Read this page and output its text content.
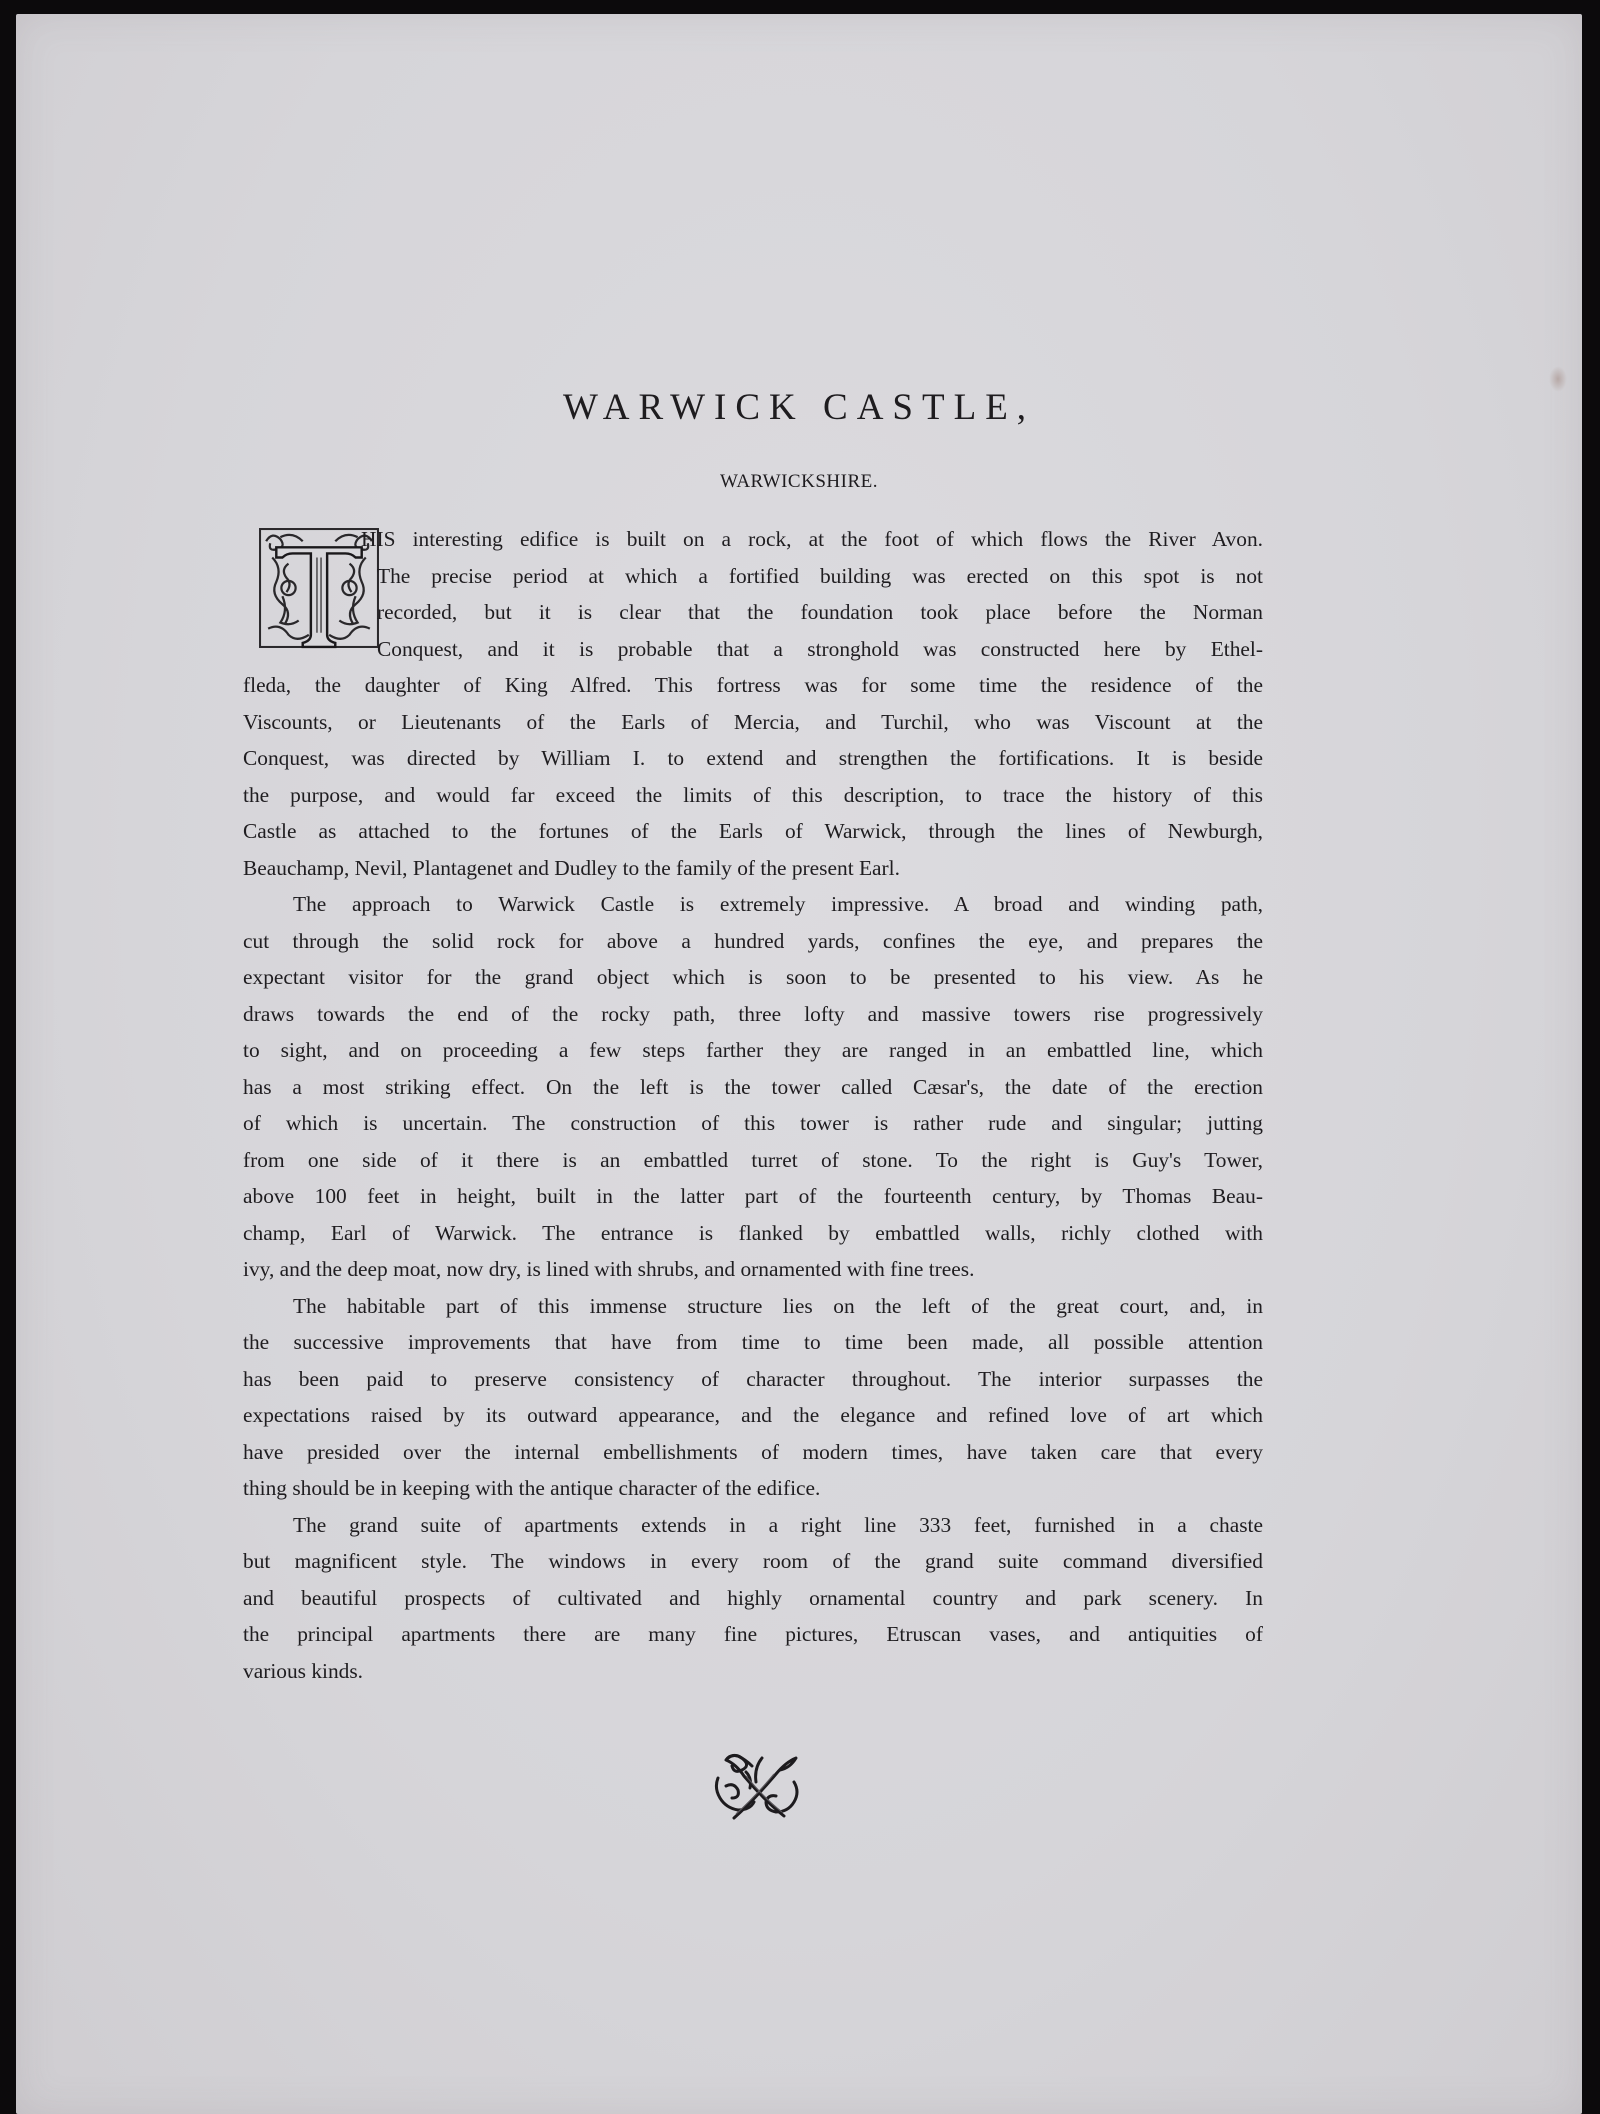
WARWICK CASTLE,
WARWICKSHIRE.
HIS interesting edifice is built on a rock, at the foot of which flows the River Avon.
The precise period at which a fortified building was erected on this spot is not
recorded, but it is clear that the foundation took place before the Norman
Conquest, and it is probable that a stronghold was constructed here by Ethel-
fleda, the daughter of King Alfred. This fortress was for some time the residence of the
Viscounts, or Lieutenants of the Earls of Mercia, and Turchil, who was Viscount at the
Conquest, was directed by William I. to extend and strengthen the fortifications. It is beside
the purpose, and would far exceed the limits of this description, to trace the history of this
Castle as attached to the fortunes of the Earls of Warwick, through the lines of Newburgh,
Beauchamp, Nevil, Plantagenet and Dudley to the family of the present Earl.
The approach to Warwick Castle is extremely impressive. A broad and winding path,
cut through the solid rock for above a hundred yards, confines the eye, and prepares the
expectant visitor for the grand object which is soon to be presented to his view. As he
draws towards the end of the rocky path, three lofty and massive towers rise progressively
to sight, and on proceeding a few steps farther they are ranged in an embattled line, which
has a most striking effect. On the left is the tower called Cæsar's, the date of the erection
of which is uncertain. The construction of this tower is rather rude and singular; jutting
from one side of it there is an embattled turret of stone. To the right is Guy's Tower,
above 100 feet in height, built in the latter part of the fourteenth century, by Thomas Beau-
champ, Earl of Warwick. The entrance is flanked by embattled walls, richly clothed with
ivy, and the deep moat, now dry, is lined with shrubs, and ornamented with fine trees.
The habitable part of this immense structure lies on the left of the great court, and, in
the successive improvements that have from time to time been made, all possible attention
has been paid to preserve consistency of character throughout. The interior surpasses the
expectations raised by its outward appearance, and the elegance and refined love of art which
have presided over the internal embellishments of modern times, have taken care that every
thing should be in keeping with the antique character of the edifice.
The grand suite of apartments extends in a right line 333 feet, furnished in a chaste
but magnificent style. The windows in every room of the grand suite command diversified
and beautiful prospects of cultivated and highly ornamental country and park scenery. In
the principal apartments there are many fine pictures, Etruscan vases, and antiquities of
various kinds.
